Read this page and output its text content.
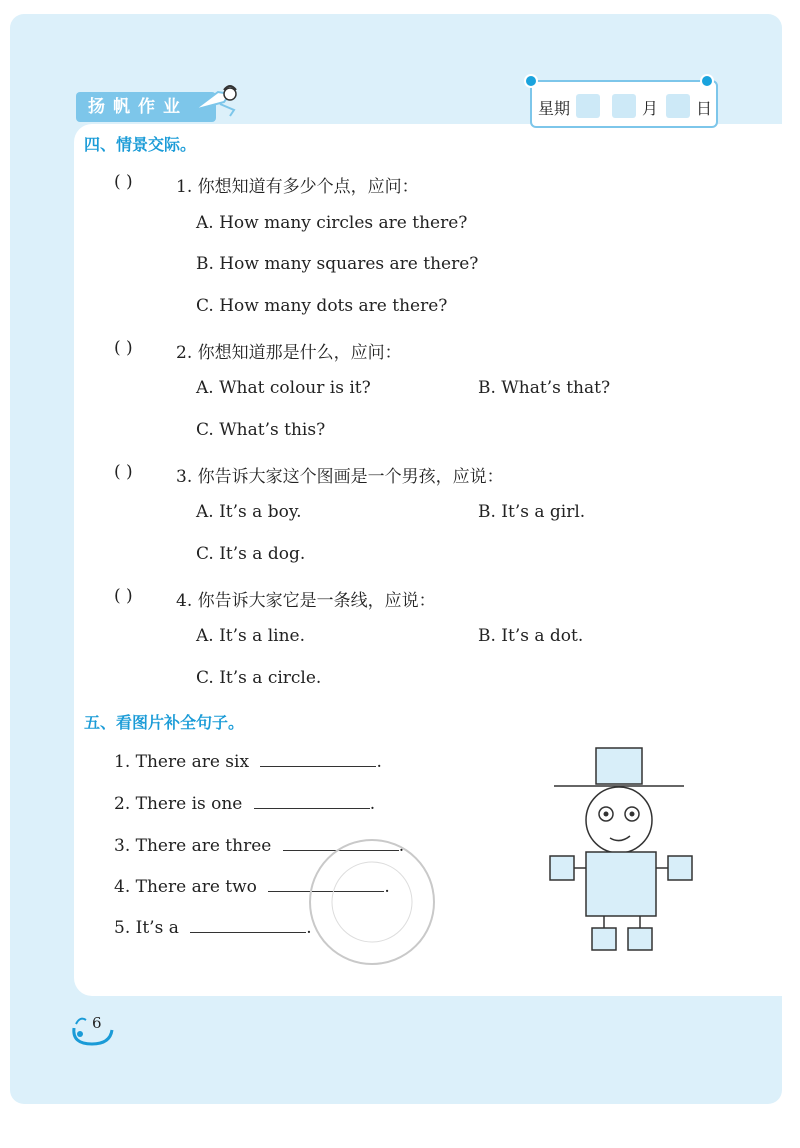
扬帆作业	星期	月 日
四、情景交际。
( )	1. 你想知道有多少个点，应问：
A. How many circles are there?
B. How many squares are there?
C. How many dots are there?
( )	2. 你想知道那是什么，应问：
A. What colour is it?	B. What’s that?
C. What’s this?
( )	3. 你告诉大家这个图画是一个男孩，应说：
A. It’s a boy.	B. It’s a girl.
C. It’s a dog.
( )	4. 你告诉大家它是一条线，应说：
A. It’s a line.	B. It’s a dot.
C. It’s a circle.
五、看图片补全句子。
1. There are six	.
2. There is one	.
3. There are three	.
4. There are two	.
5. It’s a	.
6
